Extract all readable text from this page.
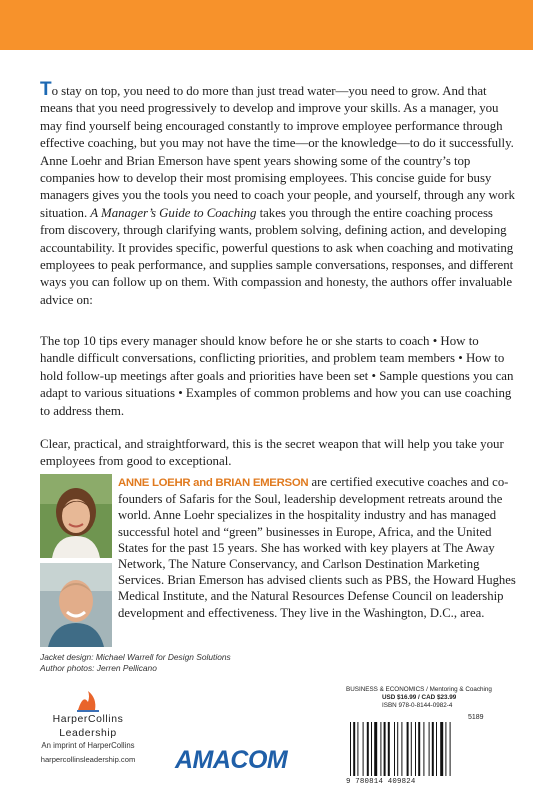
To stay on top, you need to do more than just tread water—you need to grow. And that means that you need progressively to develop and improve your skills. As a manager, you may find yourself being encouraged constantly to improve employee performance through effective coaching, but you may not have the time—or the knowledge—to do it successfully. Anne Loehr and Brian Emerson have spent years showing some of the country’s top companies how to develop their most promising employees. This concise guide for busy managers gives you the tools you need to coach your people, and yourself, through any work situation. A Manager’s Guide to Coaching takes you through the entire coaching process from discovery, through clarifying wants, problem solving, defining action, and developing accountability. It provides specific, powerful questions to ask when coaching and motivating employees to peak performance, and supplies sample conversations, responses, and different ways you can follow up on them. With compassion and honesty, the authors offer invaluable advice on:

The top 10 tips every manager should know before he or she starts to coach • How to handle difficult conversations, conflicting priorities, and problem team members • How to hold follow-up meetings after goals and priorities have been set • Sample questions you can adapt to various situations • Examples of common problems and how you can use coaching to address them.

Clear, practical, and straightforward, this is the secret weapon that will help you take your employees from good to exceptional.

ANNE LOEHR and BRIAN EMERSON are certified executive coaches and co-founders of Safaris for the Soul, leadership development retreats around the world. Anne Loehr specializes in the hospitality industry and has managed successful hotel and “green” businesses in Europe, Africa, and the United States for the past 15 years. She has worked with key players at The Away Network, The Nature Conservancy, and Carlson Destination Marketing Services. Brian Emerson has advised clients such as PBS, the Howard Hughes Medical Institute, and the Natural Resources Defense Council on leadership development and effectiveness. They live in the Washington, D.C., area.

Jacket design: Michael Warrell for Design Solutions
Author photos: Jerren Pellicano
HarperCollins
Leadership
An imprint of HarperCollins
harpercollinsleadership.com	AMACOM
BUSINESS & ECONOMICS / Mentoring & Coaching
USD $16.99 / CAD $23.99
ISBN 978-0-8144-0982-4
5189
9 780814 409824
